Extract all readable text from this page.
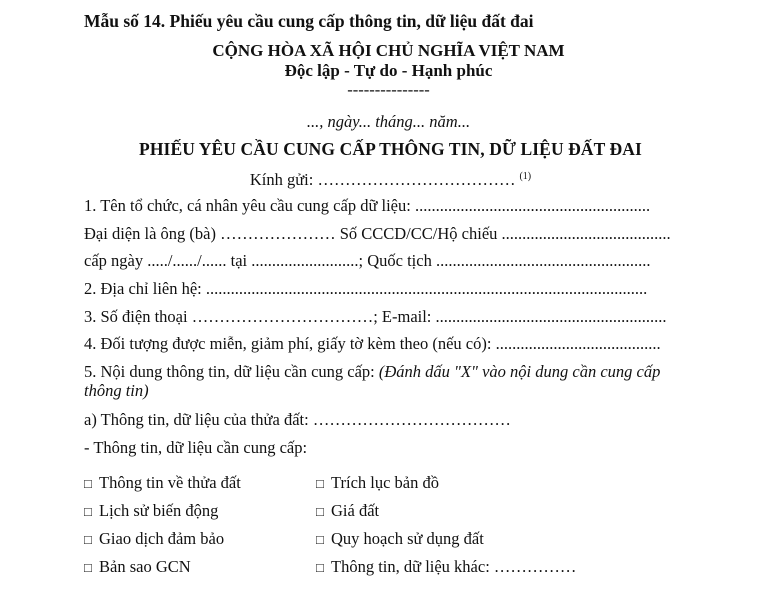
Mẫu số 14. Phiếu yêu cầu cung cấp thông tin, dữ liệu đất đai
CỘNG HÒA XÃ HỘI CHỦ NGHĨA VIỆT NAM
Độc lập - Tự do - Hạnh phúc
---------------
..., ngày... tháng... năm...
PHIẾU YÊU CẦU CUNG CẤP THÔNG TIN, DỮ LIỆU ĐẤT ĐAI
Kính gửi: ……………………………… $^{(1)}$
1. Tên tổ chức, cá nhân yêu cầu cung cấp dữ liệu: .........................................................
Đại diện là ông (bà) ………………… Số CCCD/CC/Hộ chiếu .........................................
cấp ngày ...../....../...... tại ..........................; Quốc tịch ....................................................
2. Địa chỉ liên hệ: ...........................................................................................................
3. Số điện thoại ……………………………; E-mail: ........................................................
4. Đối tượng được miễn, giảm phí, giấy tờ kèm theo (nếu có): ........................................
5. Nội dung thông tin, dữ liệu cần cung cấp: (Đánh dấu "X" vào nội dung cần cung cấp
thông tin)
a) Thông tin, dữ liệu của thửa đất: ………………………………
- Thông tin, dữ liệu cần cung cấp:
□ Thông tin về thửa đất
□ Lịch sử biến động
□ Giao dịch đảm bảo
□ Bản sao GCN
□ Trích lục bản đồ
□ Giá đất
□ Quy hoạch sử dụng đất
□ Thông tin, dữ liệu khác: ……………
